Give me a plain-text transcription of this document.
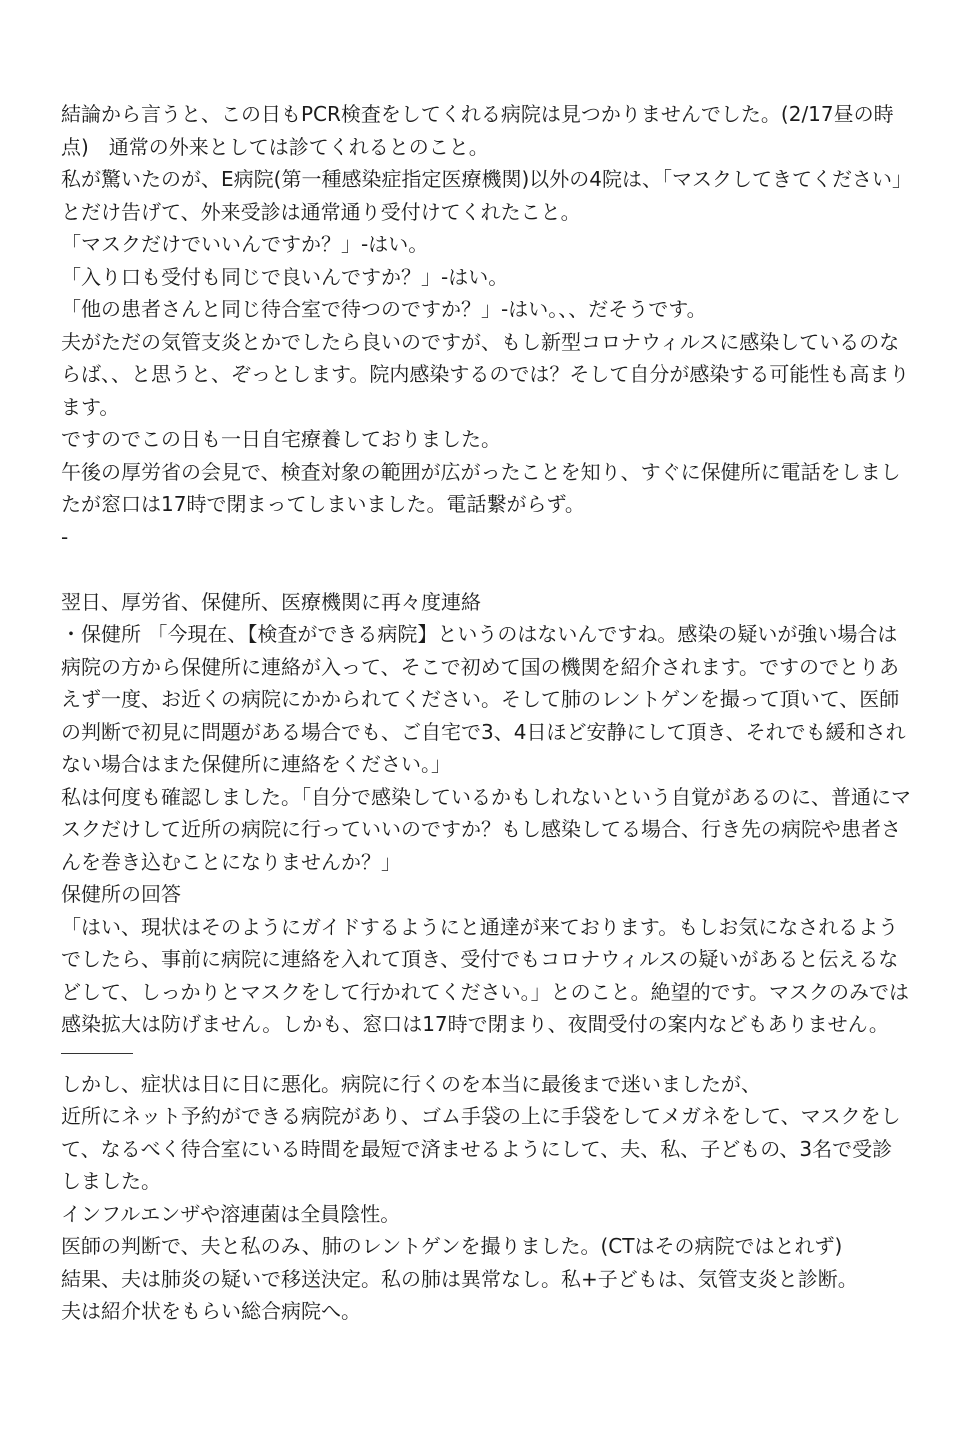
結論から言うと、この日もPCR検査をしてくれる病院は見つかりませんでした。(2/17昼の時点)　通常の外来としては診てくれるとのこと。

私が驚いたのが、E病院(第一種感染症指定医療機関)以外の4院は、「マスクしてきてください」とだけ告げて、外来受診は通常通り受付けてくれたこと。

「マスクだけでいいんですか？」-はい。

「入り口も受付も同じで良いんですか？」-はい。

「他の患者さんと同じ待合室で待つのですか？」-はい。、、だそうです。

夫がただの気管支炎とかでしたら良いのですが、もし新型コロナウィルスに感染しているのならば、、と思うと、ぞっとします。院内感染するのでは？そして自分が感染する可能性も高まります。

ですのでこの日も一日自宅療養しておりました。

午後の厚労省の会見で、検査対象の範囲が広がったことを知り、すぐに保健所に電話をしましたが窓口は17時で閉まってしまいました。電話繋がらず。

-

翌日、厚労省、保健所、医療機関に再々度連絡

・保健所 「今現在、【検査ができる病院】というのはないんですね。感染の疑いが強い場合は病院の方から保健所に連絡が入って、そこで初めて国の機関を紹介されます。ですのでとりあえず一度、お近くの病院にかかられてください。そして肺のレントゲンを撮って頂いて、医師の判断で初見に問題がある場合でも、ご自宅で3、4日ほど安静にして頂き、それでも緩和されない場合はまた保健所に連絡をください。」

私は何度も確認しました。「自分で感染しているかもしれないという自覚があるのに、普通にマスクだけして近所の病院に行っていいのですか？もし感染してる場合、行き先の病院や患者さんを巻き込むことになりませんか？」

保健所の回答

「はい、現状はそのようにガイドするようにと通達が来ております。もしお気になされるようでしたら、事前に病院に連絡を入れて頂き、受付でもコロナウィルスの疑いがあると伝えるなどして、しっかりとマスクをして行かれてください。」とのこと。絶望的です。マスクのみでは感染拡大は防げません。しかも、窓口は17時で閉まり、夜間受付の案内などもありません。

しかし、症状は日に日に悪化。病院に行くのを本当に最後まで迷いましたが、

近所にネット予約ができる病院があり、ゴム手袋の上に手袋をしてメガネをして、マスクをして、なるべく待合室にいる時間を最短で済ませるようにして、夫、私、子どもの、3名で受診しました。

インフルエンザや溶連菌は全員陰性。

医師の判断で、夫と私のみ、肺のレントゲンを撮りました。(CTはその病院ではとれず)

結果、夫は肺炎の疑いで移送決定。私の肺は異常なし。私+子どもは、気管支炎と診断。

夫は紹介状をもらい総合病院へ。
